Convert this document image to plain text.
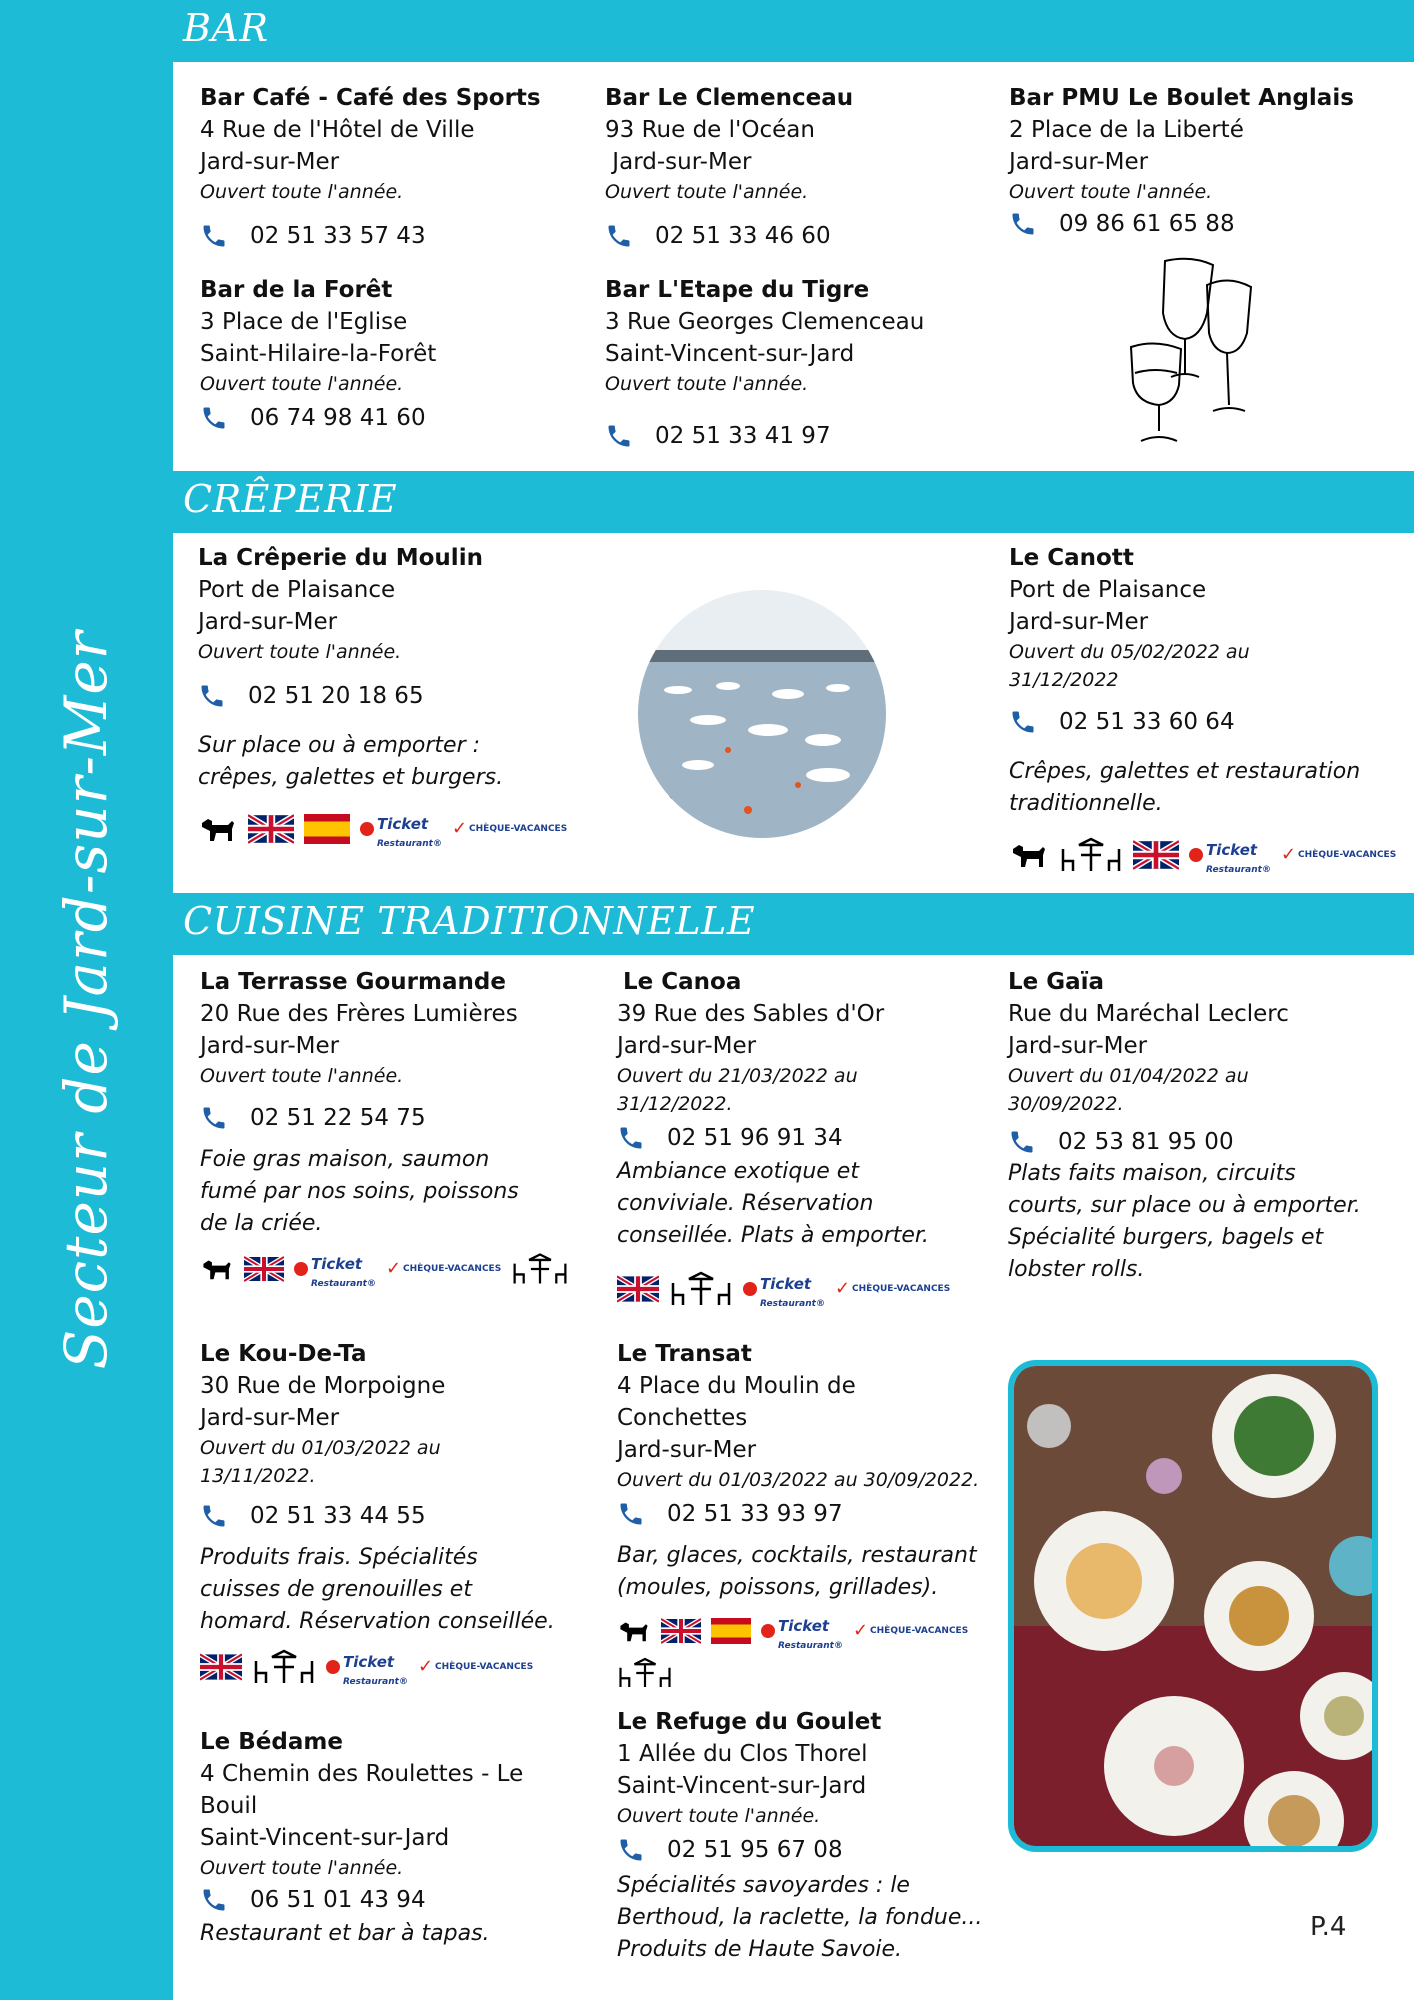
Secteur de Jard-sur-Mer
BAR
Bar Café - Café des Sports
4 Rue de l'Hôtel de Ville
Jard-sur-Mer
Ouvert toute l'année.
02 51 33 57 43
Bar Le Clemenceau
93 Rue de l'Océan
Jard-sur-Mer
Ouvert toute l'année.
02 51 33 46 60
Bar PMU Le Boulet Anglais
2 Place de la Liberté
Jard-sur-Mer
Ouvert toute l'année.
09 86 61 65 88
Bar de la Forêt
3 Place de l'Eglise
Saint-Hilaire-la-Forêt
Ouvert toute l'année.
06 74 98 41 60
Bar L'Etape du Tigre
3 Rue Georges Clemenceau
Saint-Vincent-sur-Jard
Ouvert toute l'année.
02 51 33 41 97
CRÊPERIE
La Crêperie du Moulin
Port de Plaisance
Jard-sur-Mer
Ouvert toute l'année.
02 51 20 18 65
Sur place ou à emporter :
crêpes, galettes et burgers.
Ticket
Restaurant®
✓ CHÈQUE-VACANCES
Le Canott
Port de Plaisance
Jard-sur-Mer
Ouvert du 05/02/2022 au
31/12/2022
02 51 33 60 64
Crêpes, galettes et restauration
traditionnelle.
Ticket
Restaurant®
✓ CHÈQUE-VACANCES
CUISINE TRADITIONNELLE
La Terrasse Gourmande
20 Rue des Frères Lumières
Jard-sur-Mer
Ouvert toute l'année.
02 51 22 54 75
Foie gras maison, saumon
fumé par nos soins, poissons
de la criée.
Ticket
Restaurant®
✓ CHÈQUE-VACANCES
Le Canoa
39 Rue des Sables d'Or
Jard-sur-Mer
Ouvert du 21/03/2022 au
31/12/2022.
02 51 96 91 34
Ambiance exotique et
conviviale. Réservation
conseillée. Plats à emporter.
Ticket
Restaurant®
✓ CHÈQUE-VACANCES
Le Gaïa
Rue du Maréchal Leclerc
Jard-sur-Mer
Ouvert du 01/04/2022 au
30/09/2022.
02 53 81 95 00
Plats faits maison, circuits
courts, sur place ou à emporter.
Spécialité burgers, bagels et
lobster rolls.
Le Kou-De-Ta
30 Rue de Morpoigne
Jard-sur-Mer
Ouvert du 01/03/2022 au
13/11/2022.
02 51 33 44 55
Produits frais. Spécialités
cuisses de grenouilles et
homard. Réservation conseillée.
Ticket
Restaurant®
✓ CHÈQUE-VACANCES
Le Transat
4 Place du Moulin de
Conchettes
Jard-sur-Mer
Ouvert du 01/03/2022 au 30/09/2022.
02 51 33 93 97
Bar, glaces, cocktails, restaurant
(moules, poissons, grillades).
Ticket
Restaurant®
✓ CHÈQUE-VACANCES
Le Bédame
4 Chemin des Roulettes - Le
Bouil
Saint-Vincent-sur-Jard
Ouvert toute l'année.
06 51 01 43 94
Restaurant et bar à tapas.
Le Refuge du Goulet
1 Allée du Clos Thorel
Saint-Vincent-sur-Jard
Ouvert toute l'année.
02 51 95 67 08
Spécialités savoyardes : le
Berthoud, la raclette, la fondue...
Produits de Haute Savoie.
P.4
